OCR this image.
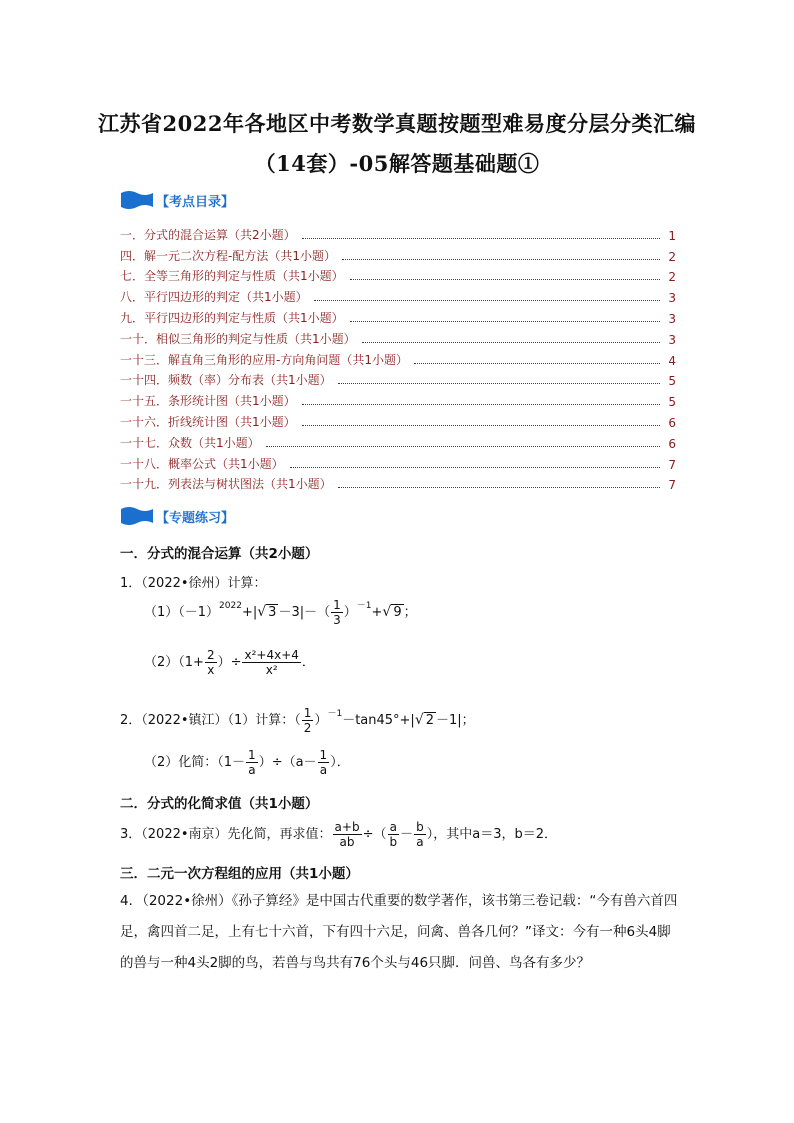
江苏省2022年各地区中考数学真题按题型难易度分层分类汇编
（14套）-05解答题基础题①
【考点目录】
一．分式的混合运算（共2小题）	1
四．解一元二次方程-配方法（共1小题）	2
七．全等三角形的判定与性质（共1小题）	2
八．平行四边形的判定（共1小题）	3
九．平行四边形的判定与性质（共1小题）	3
一十．相似三角形的判定与性质（共1小题）	3
一十三．解直角三角形的应用-方向角问题（共1小题）	4
一十四．频数（率）分布表（共1小题）	5
一十五．条形统计图（共1小题）	5
一十六．折线统计图（共1小题）	6
一十七．众数（共1小题）	6
一十八．概率公式（共1小题）	7
一十九．列表法与树状图法（共1小题）	7
【专题练习】
一．分式的混合运算（共2小题）
1．（2022•徐州）计算：
$(1)(-1)^{2022}+|√$ $3 -3|-( \frac{1}{3} )^{-1}+√$ 9 ；
$(2)(1+ \frac{2}{x}$ ）÷ $\frac{\text{x²+4x+4}}{\text{x²}}$ ．
2．（2022•镇江）（1）计算：（ $\frac{1}{2} )^{-1}-\tan 45^\circ+|√$ 2 －1|；
（2）化简：$(1- \frac{1}{a} )\div(a- \frac{1}{a}$ ）．
二．分式的化简求值（共1小题）
3．（2022•南京）先化简，再求值： $\frac{a+b}{ab}$ ÷（ $\frac{a}{b} - \frac{b}{a}$ ），其中a＝3，b＝2．
三．二元一次方程组的应用（共1小题）
4．（2022•徐州）《孙子算经》是中国古代重要的数学著作，该书第三卷记载：“今有兽六首四足，禽四首二足，上有七十六首，下有四十六足，问禽、兽各几何？”译文：今有一种6头4脚的兽与一种4头2脚的鸟，若兽与鸟共有76个头与46只脚．问兽、鸟各有多少？
